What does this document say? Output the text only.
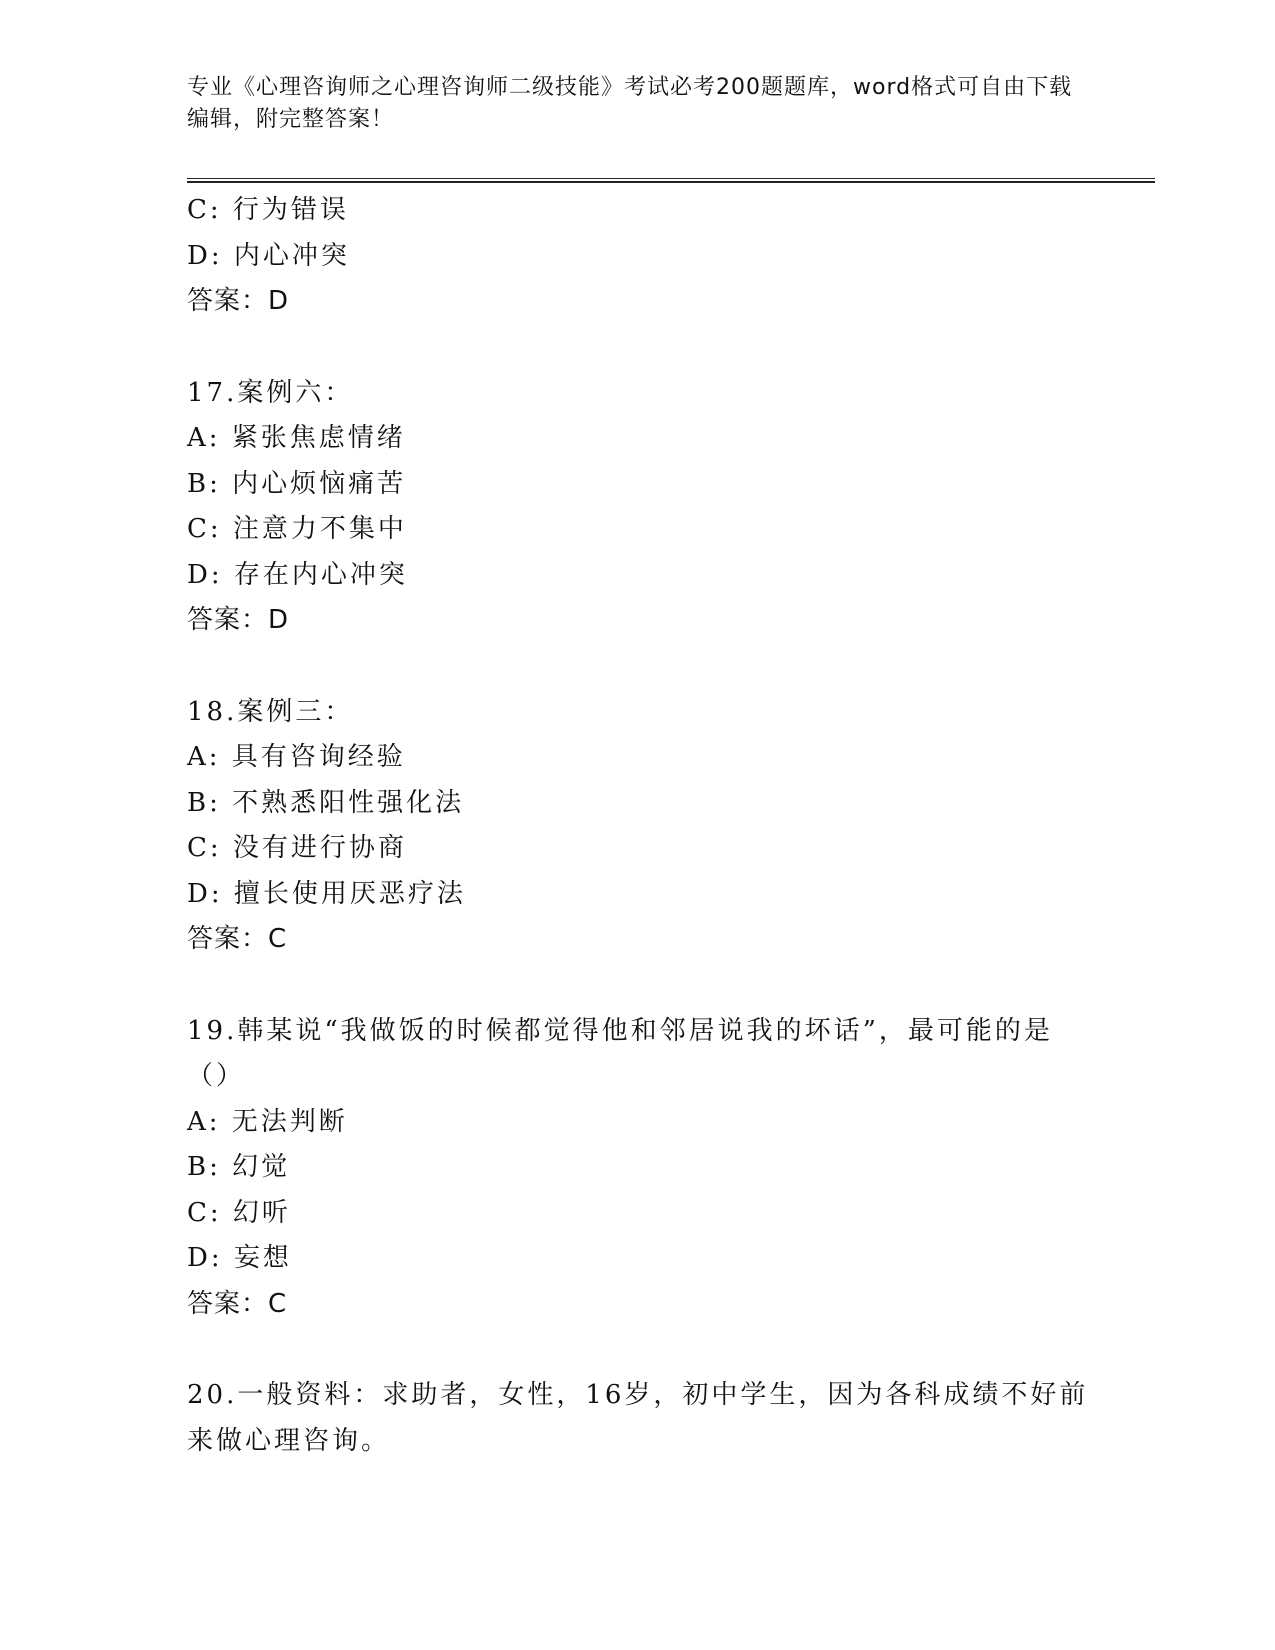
专业《心理咨询师之心理咨询师二级技能》考试必考200题题库，word格式可自由下载编辑，附完整答案！
C: 行为错误
D: 内心冲突
答案：D
17.案例六：
A: 紧张焦虑情绪
B: 内心烦恼痛苦
C: 注意力不集中
D: 存在内心冲突
答案：D
18.案例三：
A: 具有咨询经验
B: 不熟悉阳性强化法
C: 没有进行协商
D: 擅长使用厌恶疗法
答案：C
19.韩某说“我做饭的时候都觉得他和邻居说我的坏话”，最可能的是
（）
A: 无法判断
B: 幻觉
C: 幻听
D: 妄想
答案：C
20.一般资料：求助者，女性，16岁，初中学生，因为各科成绩不好前
来做心理咨询。
